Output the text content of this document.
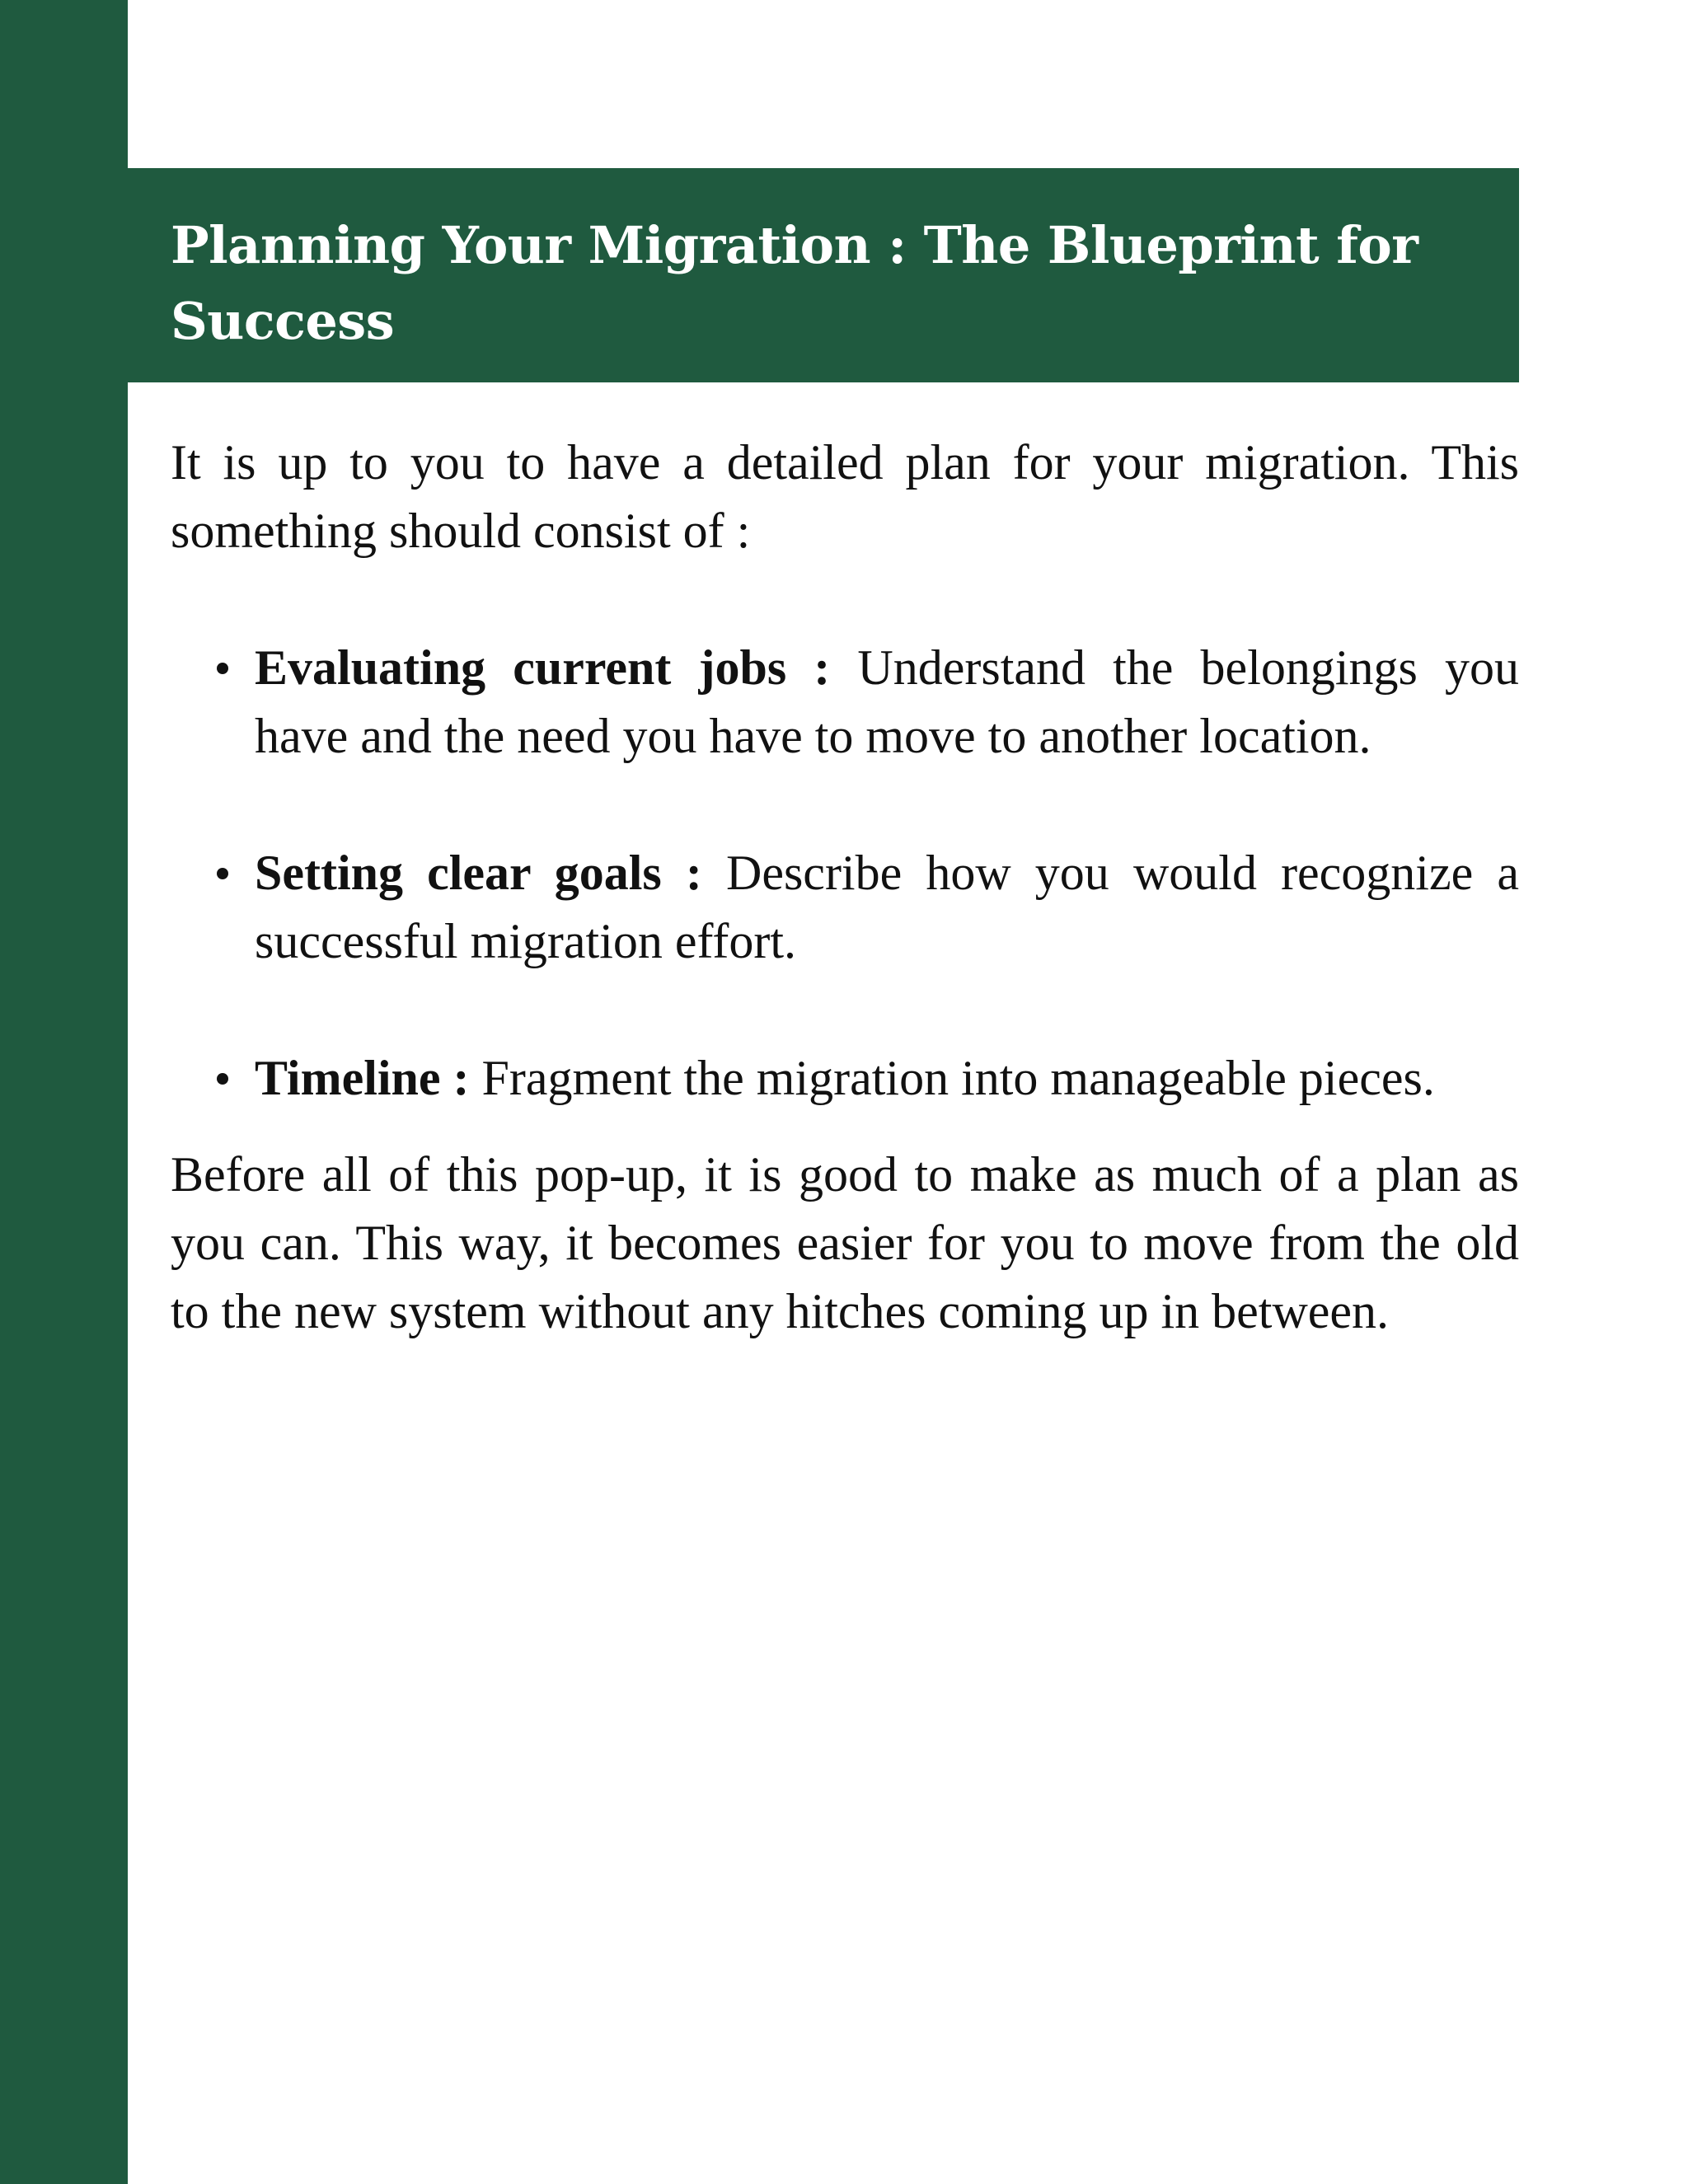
Planning Your Migration : The Blueprint for Success

It is up to you to have a detailed plan for your migration. This something should consist of :

Evaluating current jobs : Understand the belongings you have and the need you have to move to another location.
Setting clear goals : Describe how you would recognize a successful migration effort.
Timeline : Fragment the migration into manageable pieces.

Before all of this pop-up, it is good to make as much of a plan as you can. This way, it becomes easier for you to move from the old to the new system without any hitches coming up in between.
